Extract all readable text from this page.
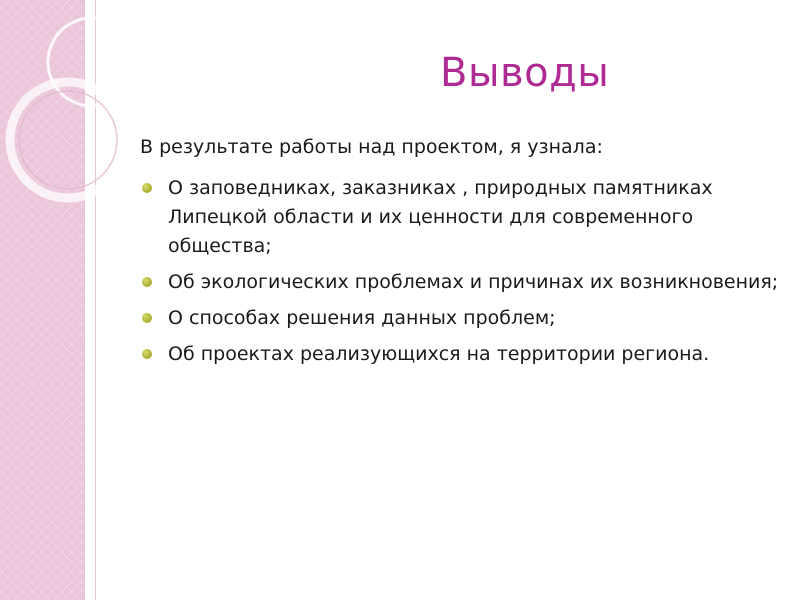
Выводы

В результате работы над проектом, я узнала:

О заповедниках, заказниках , природных памятниках Липецкой области и их ценности для современного общества;
Об экологических проблемах и причинах их возникновения;
О способах решения данных проблем;
Об проектах реализующихся на территории региона.
